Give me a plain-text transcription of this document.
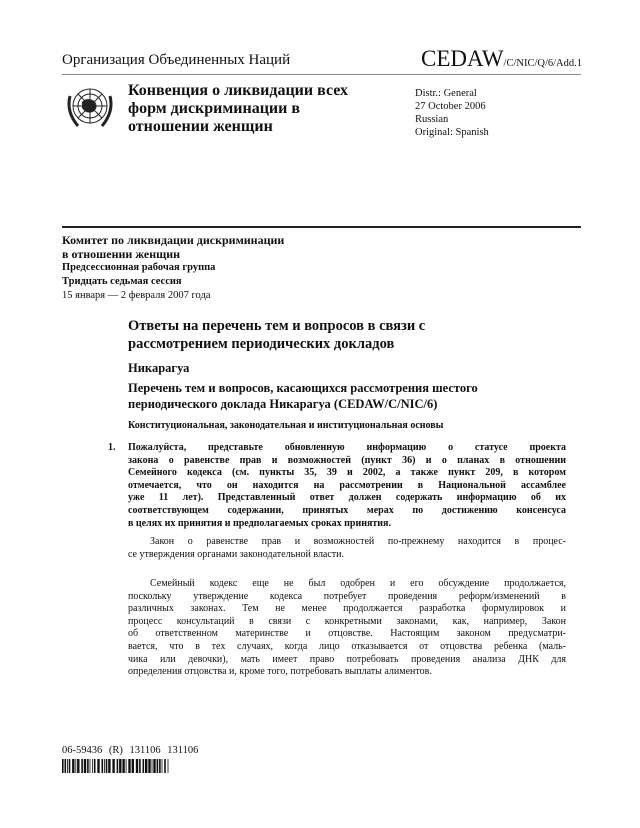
Организация Объединенных Наций	CEDAW/C/NIC/Q/6/Add.1
Конвенция о ликвидации всех
форм дискриминации в
отношении женщин
Distr.: General
27 October 2006
Russian
Original: Spanish
Комитет по ликвидации дискриминации
в отношении женщин
Предсессионная рабочая группа
Тридцать седьмая сессия
15 января — 2 февраля 2007 года
Ответы на перечень тем и вопросов в связи с
рассмотрением периодических докладов
Никарагуа
Перечень тем и вопросов, касающихся рассмотрения шестого
периодического доклада Никарагуа (CEDAW/C/NIC/6)
Конституциональная, законодательная и институциональная основы
1. Пожалуйста, представьте обновленную информацию о статусе проекта
закона о равенстве прав и возможностей (пункт 36) и о планах в отношении
Семейного кодекса (см. пункты 35, 39 и 2002, а также пункт 209, в котором
отмечается, что он находится на рассмотрении в Национальной ассамблее
уже 11 лет). Представленный ответ должен содержать информацию об их
соответствующем содержании, принятых мерах по достижению консенсуса
в целях их принятия и предполагаемых сроках принятия.
Закон о равенстве прав и возможностей по-прежнему находится в процес-
се утверждения органами законодательной власти.
Семейный кодекс еще не был одобрен и его обсуждение продолжается,
поскольку утверждение кодекса потребует проведения реформ/изменений в
различных законах. Тем не менее продолжается разработка формулировок и
процесс консультаций в связи с конкретными законами, как, например, Закон
об ответственном материнстве и отцовстве. Настоящим законом предусматри-
вается, что в тех случаях, когда лицо отказывается от отцовства ребенка (маль-
чика или девочки), мать имеет право потребовать проведения анализа ДНК для
определения отцовства и, кроме того, потребовать выплаты алиментов.
06-59436 (R) 131106 131106
